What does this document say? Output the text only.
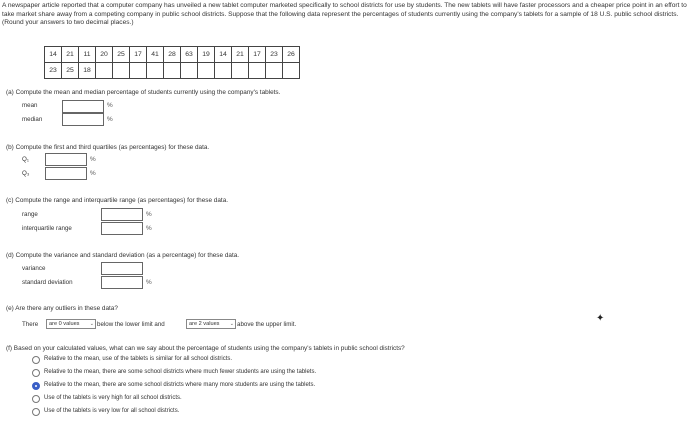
A newspaper article reported that a computer company has unveiled a new tablet computer marketed specifically to school districts for use by students. The new tablets will have faster processors and a cheaper price point in an effort to take market share away from a competing company in public school districts. Suppose that the following data represent the percentages of students currently using the company's tablets for a sample of 18 U.S. public school districts. (Round your answers to two decimal places.)
14	21	11	20	25	17	41	28	63	19	14	21	17	23	26
23	25	18												
(a) Compute the mean and median percentage of students currently using the company's tablets.
mean	%
median	%
(b) Compute the first and third quartiles (as percentages) for these data.
Q₁	%
Q₃	%
(c) Compute the range and interquartile range (as percentages) for these data.
range	%
interquartile range	%
(d) Compute the variance and standard deviation (as a percentage) for these data.
variance
standard deviation	%
(e) Are there any outliers in these data?
There	are 0 values ⌄ below the lower limit and	are 2 values ⌄ above the upper limit.
✦
(f) Based on your calculated values, what can we say about the percentage of students using the company's tablets in public school districts?
Relative to the mean, use of the tablets is similar for all school districts.
Relative to the mean, there are some school districts where much fewer students are using the tablets.
Relative to the mean, there are some school districts where many more students are using the tablets.
Use of the tablets is very high for all school districts.
Use of the tablets is very low for all school districts.
